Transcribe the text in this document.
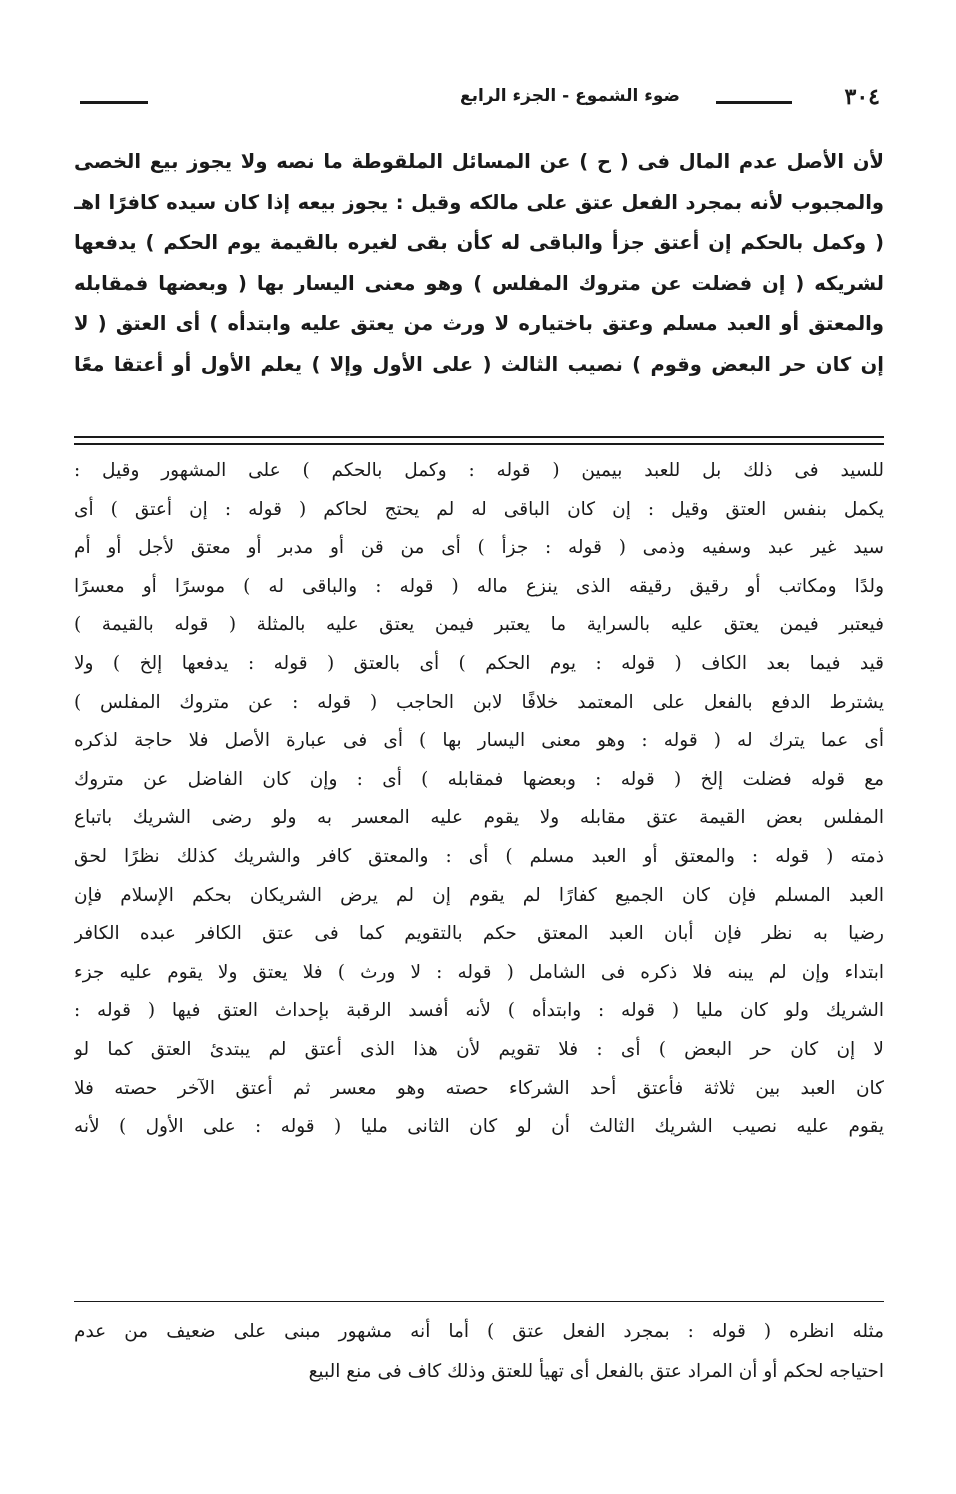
٣٠٤
ضوء الشموع - الجزء الرابع
لأن الأصل عدم المال فى ( ح ) عن المسائل الملقوطة ما نصه ولا يجوز بيع الخصى
والمجبوب لأنه بمجرد الفعل عتق على مالكه وقيل : يجوز بيعه إذا كان سيده كافرًا اهـ
( وكمل بالحكم إن أعتق جزأ والباقى له كأن بقى لغيره بالقيمة يوم الحكم ) يدفعها
لشريكه ( إن فضلت عن متروك المفلس ) وهو معنى اليسار بها ( وبعضها فمقابله
والمعتق أو العبد مسلم وعتق باختياره لا ورث من يعتق عليه وابتدأه ) أى العتق ( لا
إن كان حر البعض وقوم ) نصيب الثالث ( على الأول وإلا ) يعلم الأول أو أعتقا معًا
للسيد فى ذلك بل للعبد بيمين ( قوله : وكمل بالحكم ) على المشهور وقيل :
يكمل بنفس العتق وقيل : إن كان الباقى له لم يحتج لحاكم ( قوله : إن أعتق ) أى
سيد غير عبد وسفيه وذمى ( قوله : جزأ ) أى من قن أو مدبر أو معتق لأجل أو أم
ولدًا ومكاتب أو رقيق رقيقه الذى ينزع ماله ( قوله : والباقى له ) موسرًا أو معسرًا
فيعتبر فيمن يعتق عليه بالسراية ما يعتبر فيمن يعتق عليه بالمثلة ( قوله بالقيمة )
قيد فيما بعد الكاف ( قوله : يوم الحكم ) أى بالعتق ( قوله : يدفعها إلخ ) ولا
يشترط الدفع بالفعل على المعتمد خلافًا لابن الحاجب ( قوله : عن متروك المفلس )
أى عما يترك له ( قوله : وهو معنى اليسار بها ) أى فى عبارة الأصل فلا حاجة لذكره
مع قوله فضلت إلخ ( قوله : وبعضها فمقابله ) أى : وإن كان الفاضل عن متروك
المفلس بعض القيمة عتق مقابله ولا يقوم عليه المعسر به ولو رضى الشريك باتباع
ذمته ( قوله : والمعتق أو العبد مسلم ) أى : والمعتق كافر والشريك كذلك نظرًا لحق
العبد المسلم فإن كان الجميع كفارًا لم يقوم إن لم يرض الشريكان بحكم الإسلام فإن
رضيا به نظر فإن أبان العبد المعتق حكم بالتقويم كما فى عتق الكافر عبده الكافر
ابتداء وإن لم يبنه فلا ذكره فى الشامل ( قوله : لا ورث ) فلا يعتق ولا يقوم عليه جزء
الشريك ولو كان مليا ( قوله : وابتدأه ) لأنه أفسد الرقبة بإحداث العتق فيها ( قوله :
لا إن كان حر البعض ) أى : فلا تقويم لأن هذا الذى أعتق لم يبتدئ العتق كما لو
كان العبد بين ثلاثة فأعتق أحد الشركاء حصته وهو معسر ثم أعتق الآخر حصته فلا
يقوم عليه نصيب الشريك الثالث أن لو كان الثانى مليا ( قوله : على الأول ) لأنه
مثله انظره ( قوله : بمجرد الفعل عتق ) أما أنه مشهور مبنى على ضعيف من عدم
احتياجه لحكم أو أن المراد عتق بالفعل أى تهيأ للعتق وذلك كاف فى منع البيع
